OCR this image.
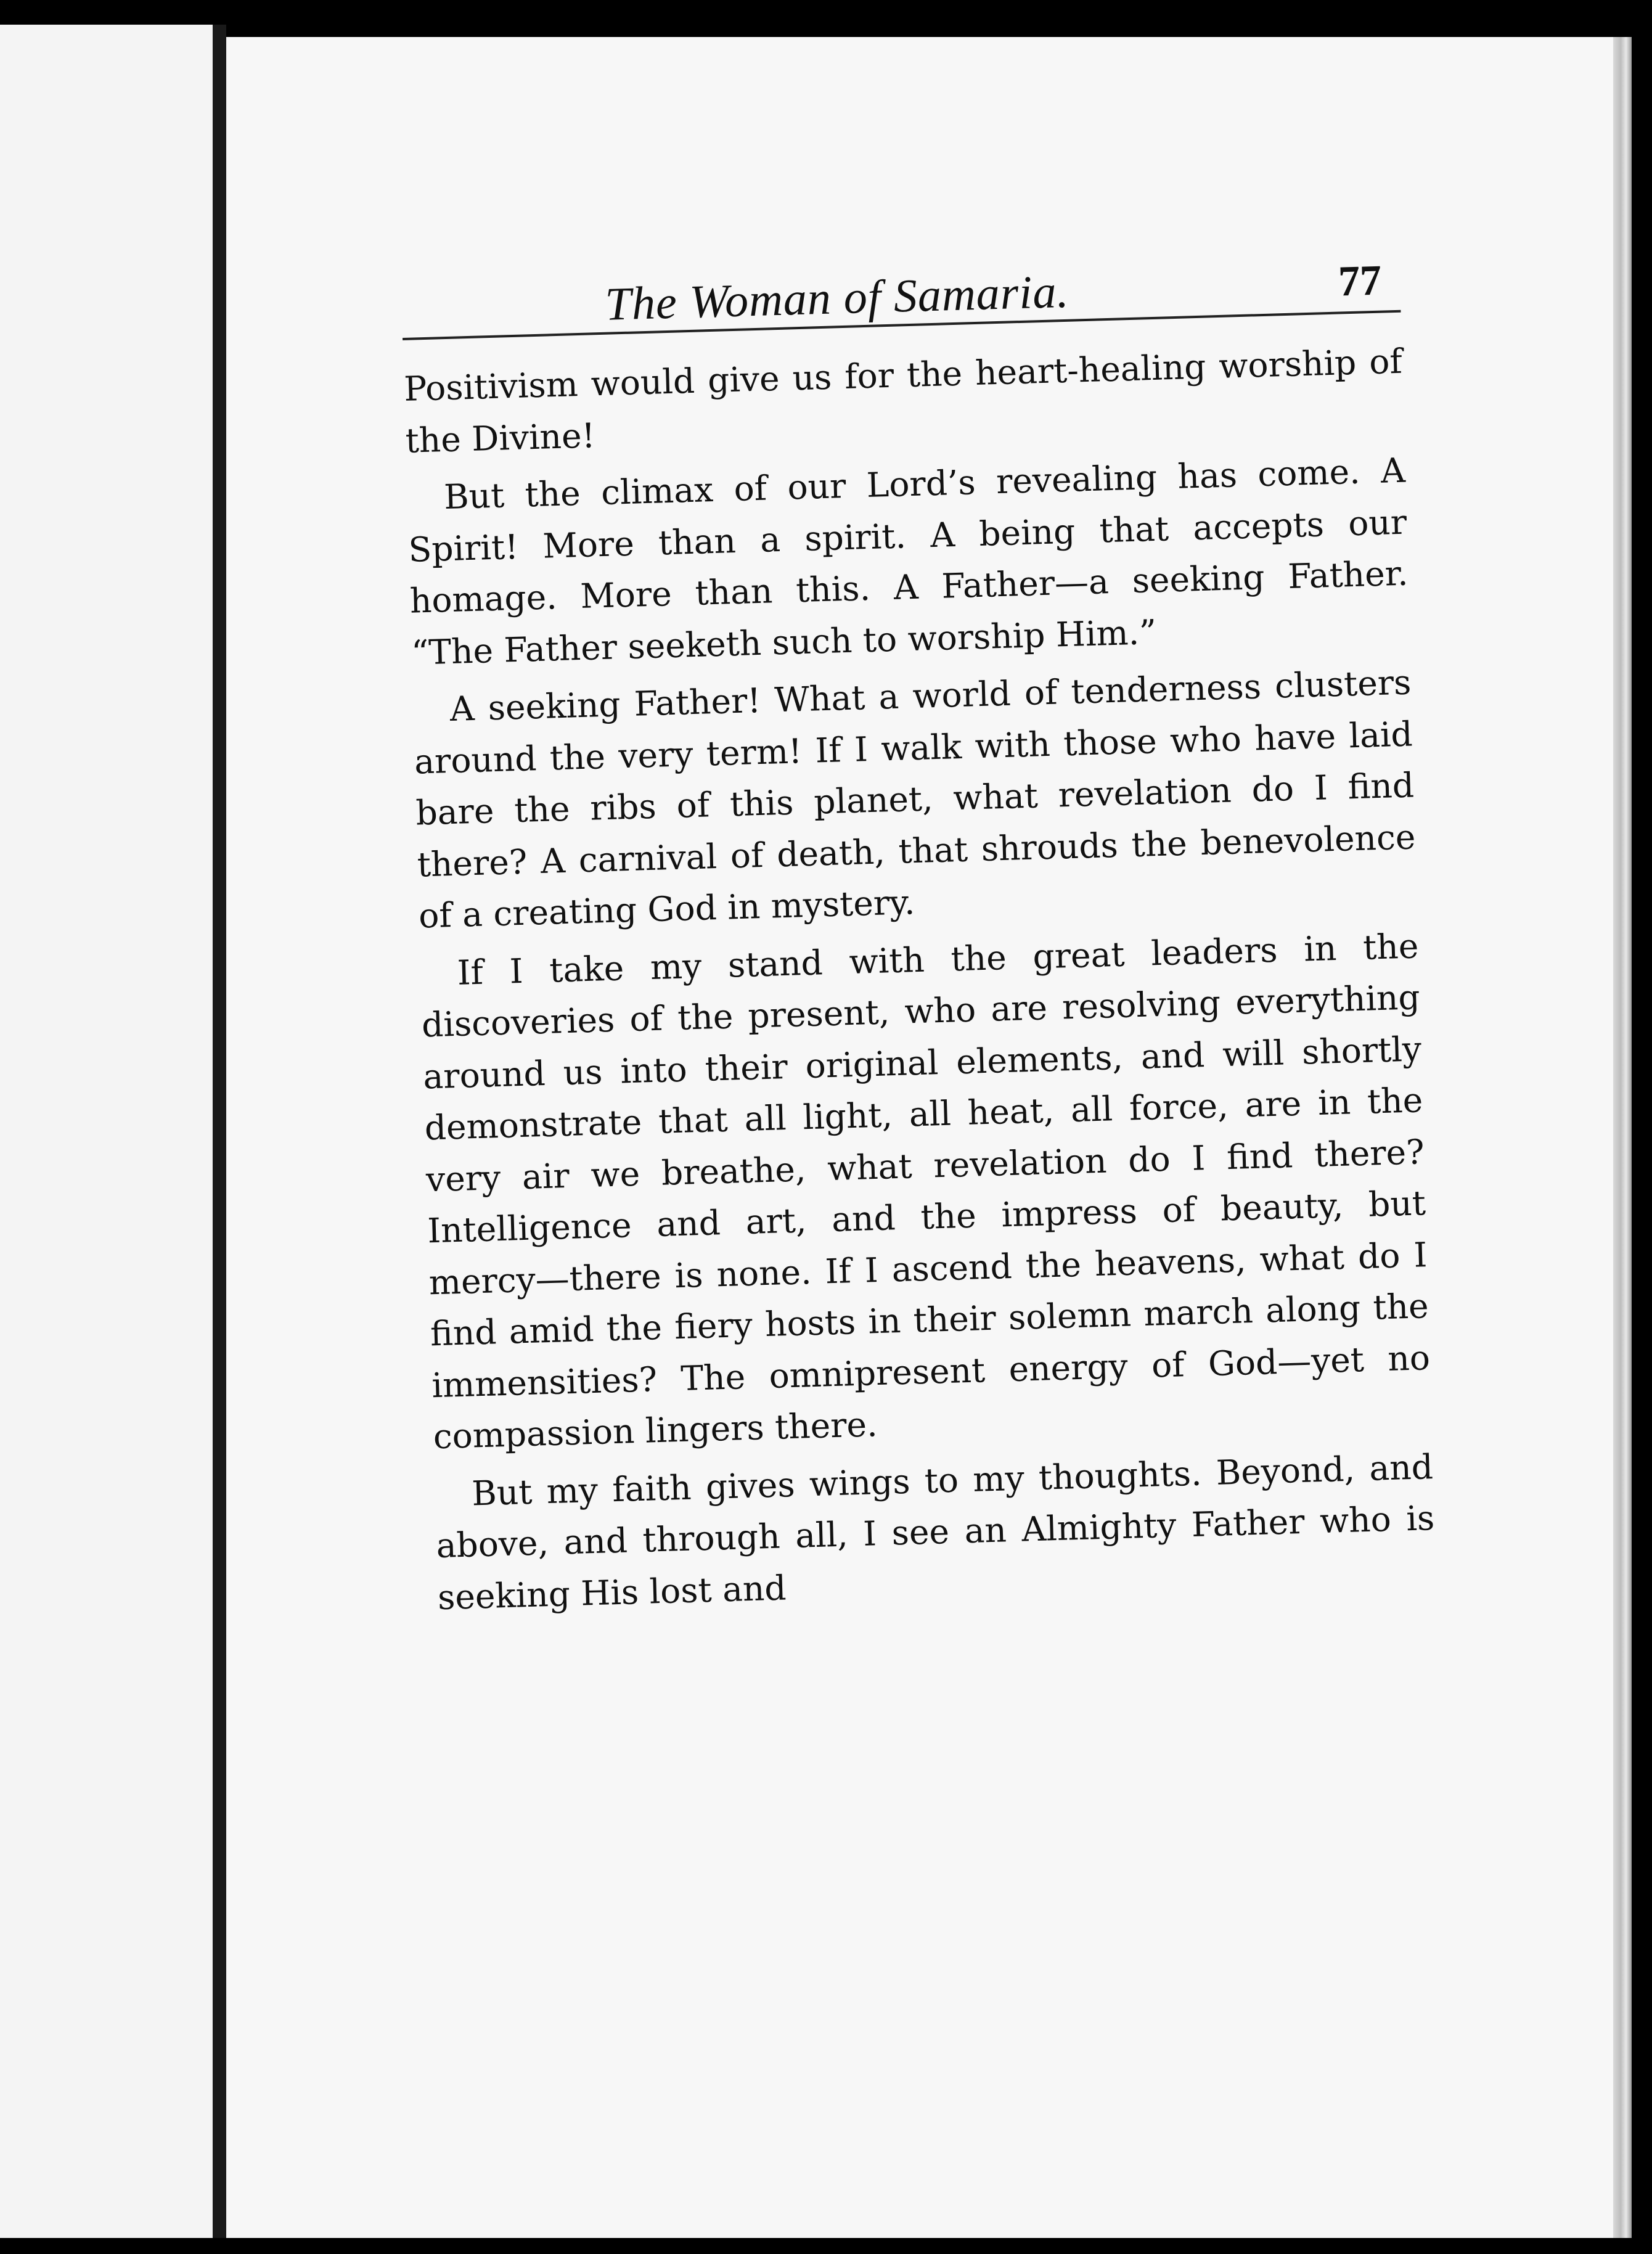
The Woman of Samaria.	77

Positivism would give us for the heart-healing worship of the Divine!

But the climax of our Lord’s revealing has come. A Spirit! More than a spirit. A being that accepts our homage. More than this. A Father—a seeking Father. “The Father seeketh such to worship Him.”

A seeking Father! What a world of tenderness clusters around the very term! If I walk with those who have laid bare the ribs of this planet, what revelation do I find there? A carnival of death, that shrouds the benevolence of a creating God in mystery.

If I take my stand with the great leaders in the discoveries of the present, who are resolving everything around us into their original elements, and will shortly demonstrate that all light, all heat, all force, are in the very air we breathe, what revelation do I find there? Intelligence and art, and the impress of beauty, but mercy—there is none. If I ascend the heavens, what do I find amid the fiery hosts in their solemn march along the immensities? The omnipresent energy of God—yet no compassion lingers there.

But my faith gives wings to my thoughts. Beyond, and above, and through all, I see an Almighty Father who is seeking His lost and
